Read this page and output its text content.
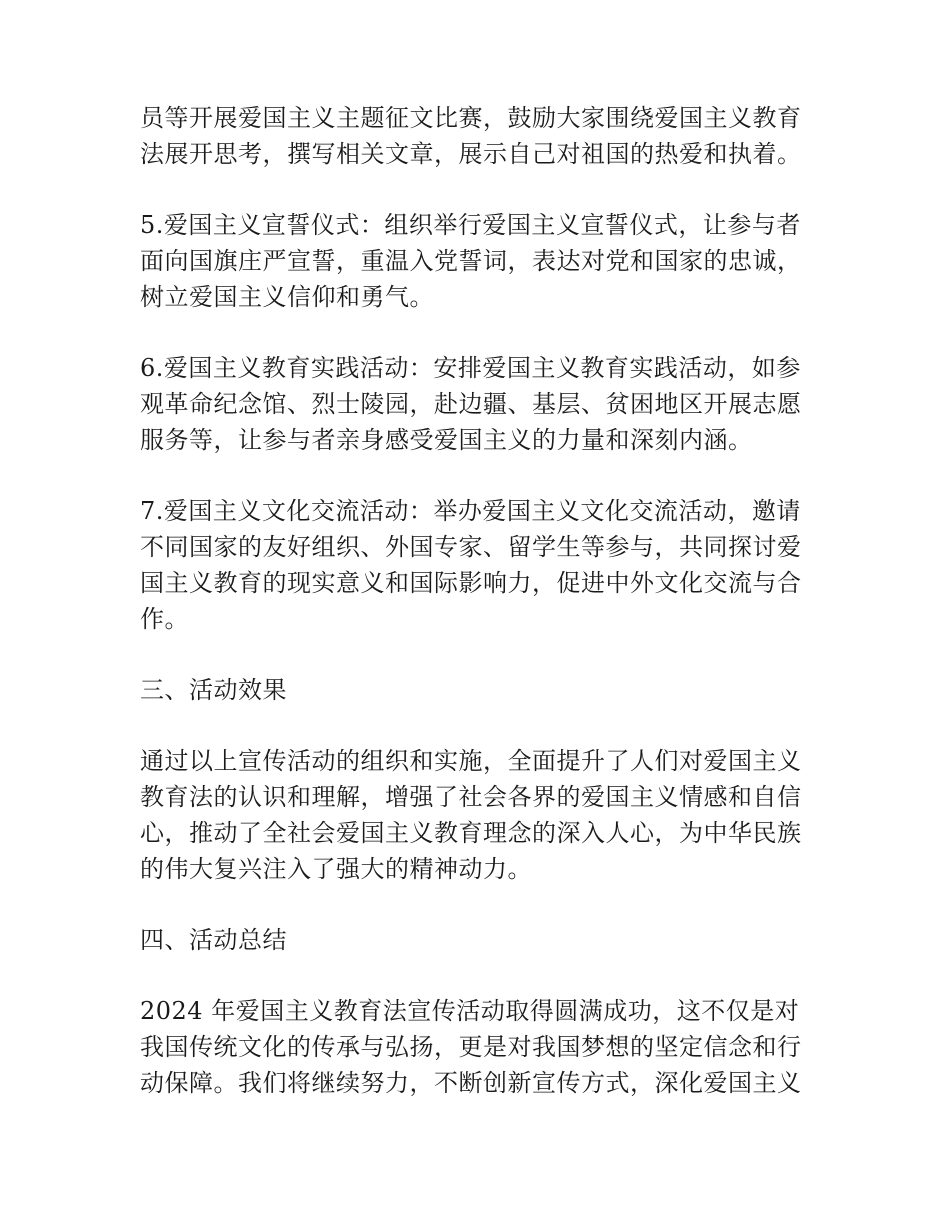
员等开展爱国主义主题征文比赛，鼓励大家围绕爱国主义教育
法展开思考，撰写相关文章，展示自己对祖国的热爱和执着。
5.爱国主义宣誓仪式：组织举行爱国主义宣誓仪式，让参与者
面向国旗庄严宣誓，重温入党誓词，表达对党和国家的忠诚，
树立爱国主义信仰和勇气。
6.爱国主义教育实践活动：安排爱国主义教育实践活动，如参
观革命纪念馆、烈士陵园，赴边疆、基层、贫困地区开展志愿
服务等，让参与者亲身感受爱国主义的力量和深刻内涵。
7.爱国主义文化交流活动：举办爱国主义文化交流活动，邀请
不同国家的友好组织、外国专家、留学生等参与，共同探讨爱
国主义教育的现实意义和国际影响力，促进中外文化交流与合
作。
三、活动效果
通过以上宣传活动的组织和实施，全面提升了人们对爱国主义
教育法的认识和理解，增强了社会各界的爱国主义情感和自信
心，推动了全社会爱国主义教育理念的深入人心，为中华民族
的伟大复兴注入了强大的精神动力。
四、活动总结
2024 年爱国主义教育法宣传活动取得圆满成功，这不仅是对
我国传统文化的传承与弘扬，更是对我国梦想的坚定信念和行
动保障。我们将继续努力，不断创新宣传方式，深化爱国主义
